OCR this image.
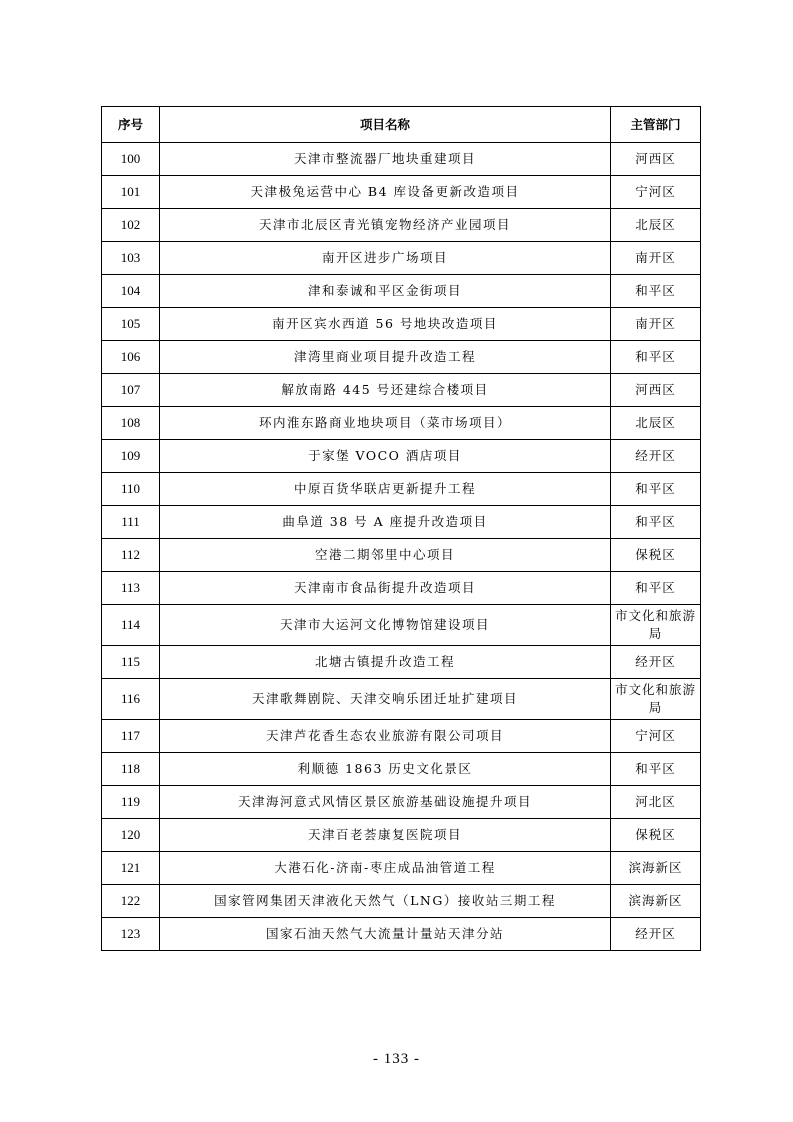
序号	项目名称	主管部门
100	天津市整流器厂地块重建项目	河西区
101	天津极兔运营中心 B4 库设备更新改造项目	宁河区
102	天津市北辰区青光镇宠物经济产业园项目	北辰区
103	南开区进步广场项目	南开区
104	津和泰诚和平区金街项目	和平区
105	南开区宾水西道 56 号地块改造项目	南开区
106	津湾里商业项目提升改造工程	和平区
107	解放南路 445 号还建综合楼项目	河西区
108	环内淮东路商业地块项目（菜市场项目）	北辰区
109	于家堡 VOCO 酒店项目	经开区
110	中原百货华联店更新提升工程	和平区
111	曲阜道 38 号 A 座提升改造项目	和平区
112	空港二期邻里中心项目	保税区
113	天津南市食品街提升改造项目	和平区
114	天津市大运河文化博物馆建设项目	市文化和旅游局
115	北塘古镇提升改造工程	经开区
116	天津歌舞剧院、天津交响乐团迁址扩建项目	市文化和旅游局
117	天津芦花香生态农业旅游有限公司项目	宁河区
118	利顺德 1863 历史文化景区	和平区
119	天津海河意式风情区景区旅游基础设施提升项目	河北区
120	天津百老荟康复医院项目	保税区
121	大港石化-济南-枣庄成品油管道工程	滨海新区
122	国家管网集团天津液化天然气（LNG）接收站三期工程	滨海新区
123	国家石油天然气大流量计量站天津分站	经开区
- 133 -
